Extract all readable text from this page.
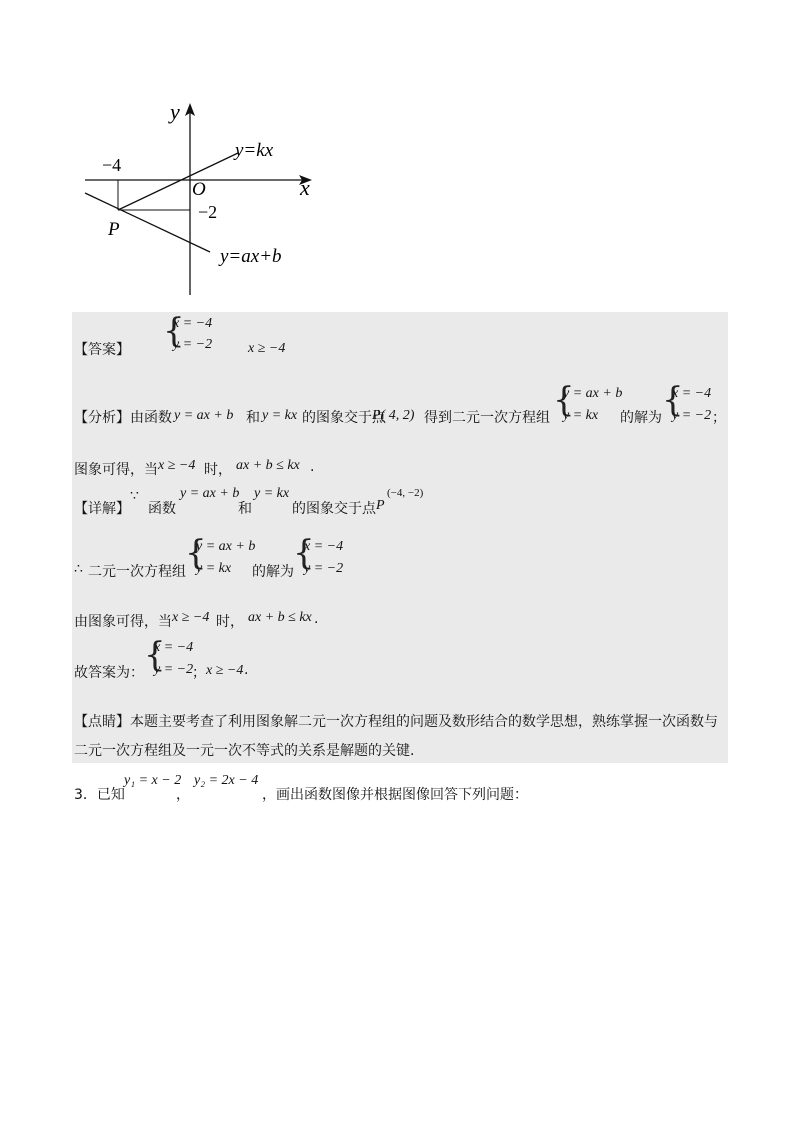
y
x
O
−4
−2
P
y=kx
y=ax+b
【答案】 {
x = −4
y = −2	x ≥ −4
【分析】 由函数 y = ax + b 和 y = kx 的图象交于点
P( 4, 2) 得到二元一次方程组 {
y = ax + b
y = kx 的解为 {
x = −4
y = −2 ；
图象可得，当 x ≥ −4 时， ax + b ≤ kx .
【详解】
∵
函数
y = ax + b
和
y = kx
的图象交于点 P
(−4, −2)
∴ 二元一次方程组 {
y = ax + b
y = kx 的解为 {
x = −4
y = −2
由图象可得，当 x ≥ −4 时， ax + b ≤ kx .
故答案为： {
x = −4
y = −2
； x ≥ −4 .
【点睛】 本题主要考查了利用图象解二元一次方程组的问题及数形结合的数学思想，熟练掌握一次函数与
二元一次方程组及一元一次不等式的关系是解题的关键.
3．已知
y₁ = x − 2
，
y₂ = 2x − 4
，画出函数图像并根据图像回答下列问题：
